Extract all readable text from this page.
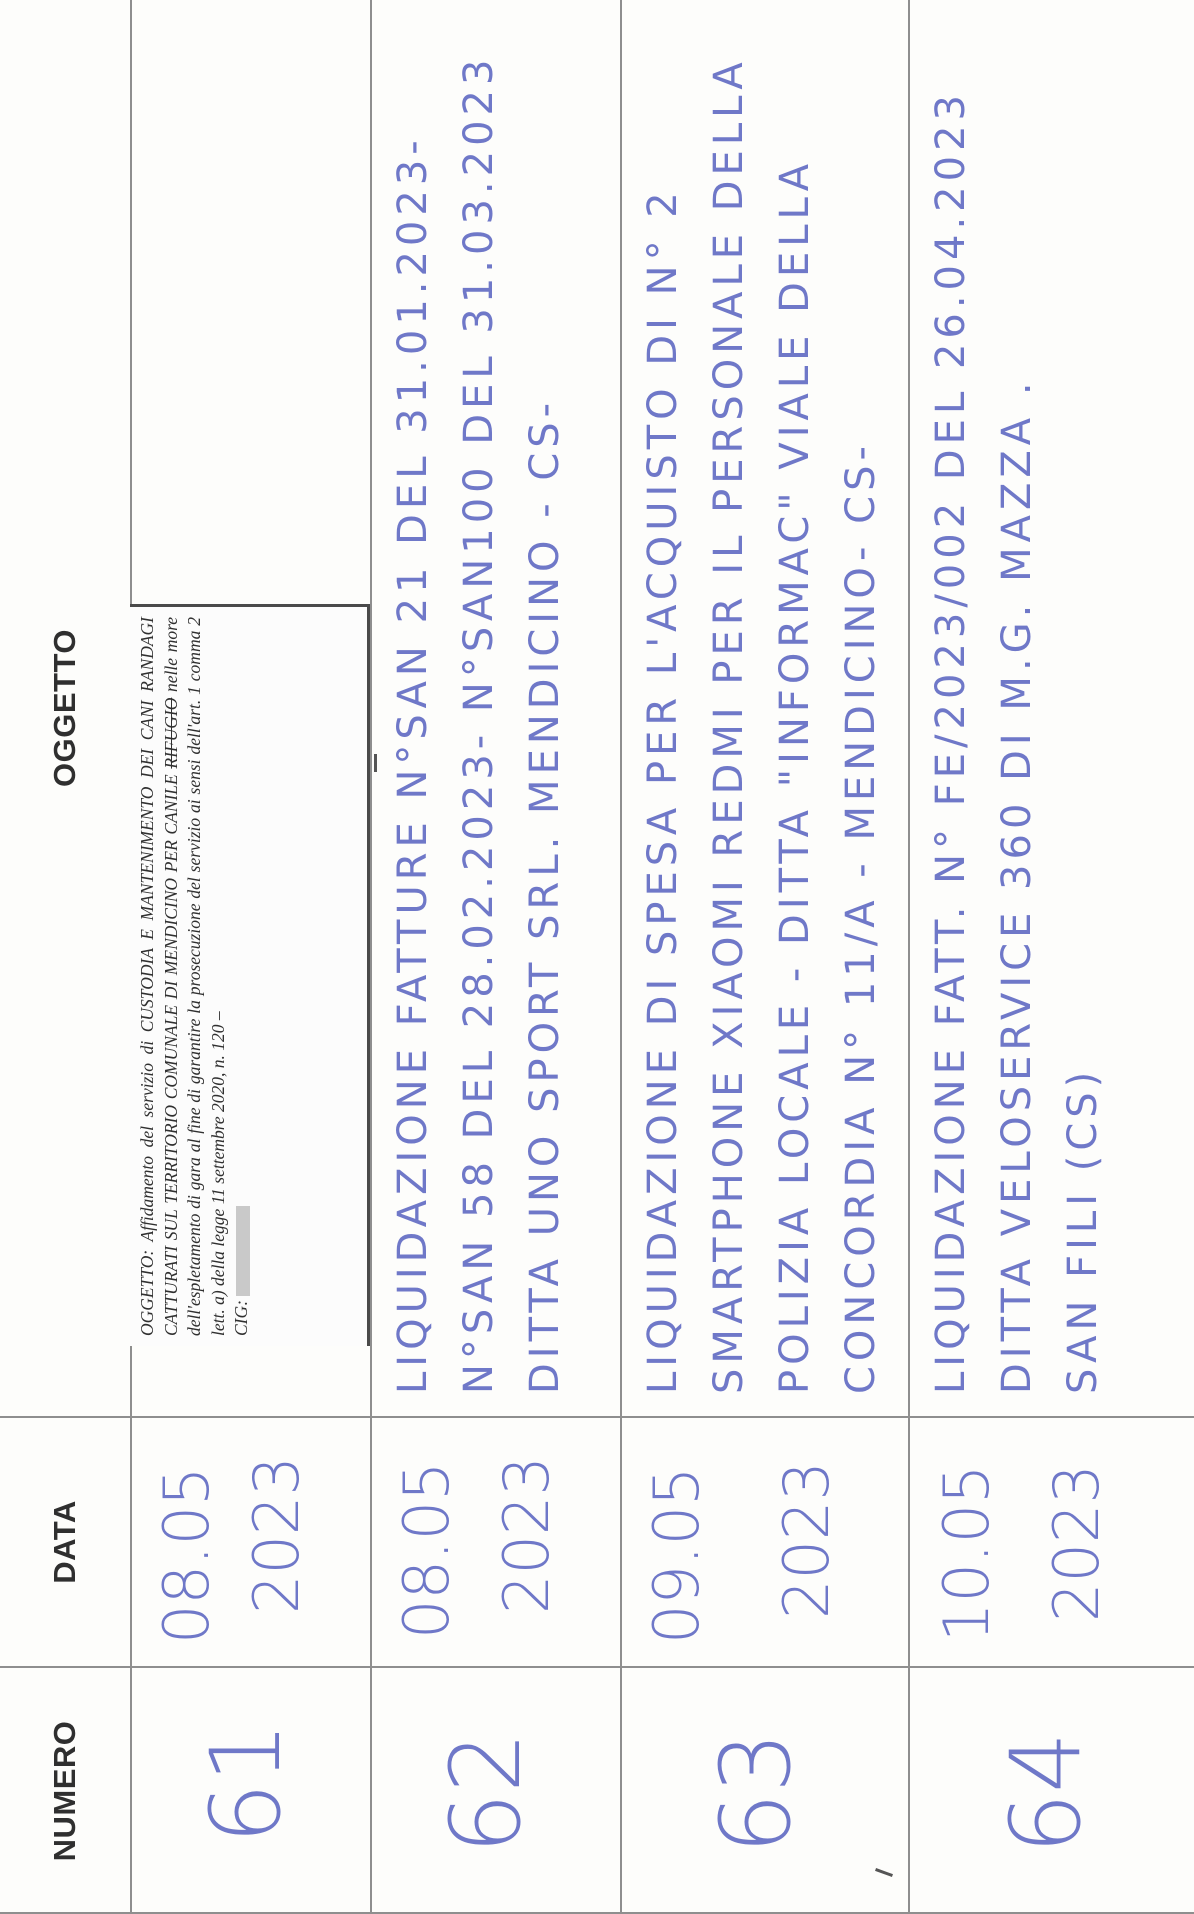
NUMERO
DATA
OGGETTO
61
08.05 2023
OGGETTO: Affidamento del servizio di CUSTODIA E MANTENIMENTO DEI CANI RANDAGI CATTURATI SUL TERRITORIO COMUNALE DI MENDICINO PER CANILE RIFUGIO nelle more dell'espletamento di gara al fine di garantire la prosecuzione del servizio ai sensi dell'art. 1 comma 2 lett. a) della legge 11 settembre 2020, n. 120 – CIG:
62
08.05 2023
LIQUIDAZIONE FATTURE N°SAN 21 DEL 31.01.2023- N°SAN 58 DEL 28.02.2023- N°SAN100 DEL 31.03.2023 DITTA UNO SPORT SRL. MENDICINO - CS-
63
09.05 2023
LIQUIDAZIONE DI SPESA PER L'ACQUISTO DI N° 2 SMARTPHONE XIAOMI REDMI PER IL PERSONALE DELLA POLIZIA LOCALE - DITTA "INFORMAC" VIALE DELLA CONCORDIA N° 11/A - MENDICINO- CS-
64
10.05 2023
LIQUIDAZIONE FATT. N° FE/2023/002 DEL 26.04.2023 DITTA VELOSERVICE 360 DI M.G. MAZZA . SAN FILI (CS)
